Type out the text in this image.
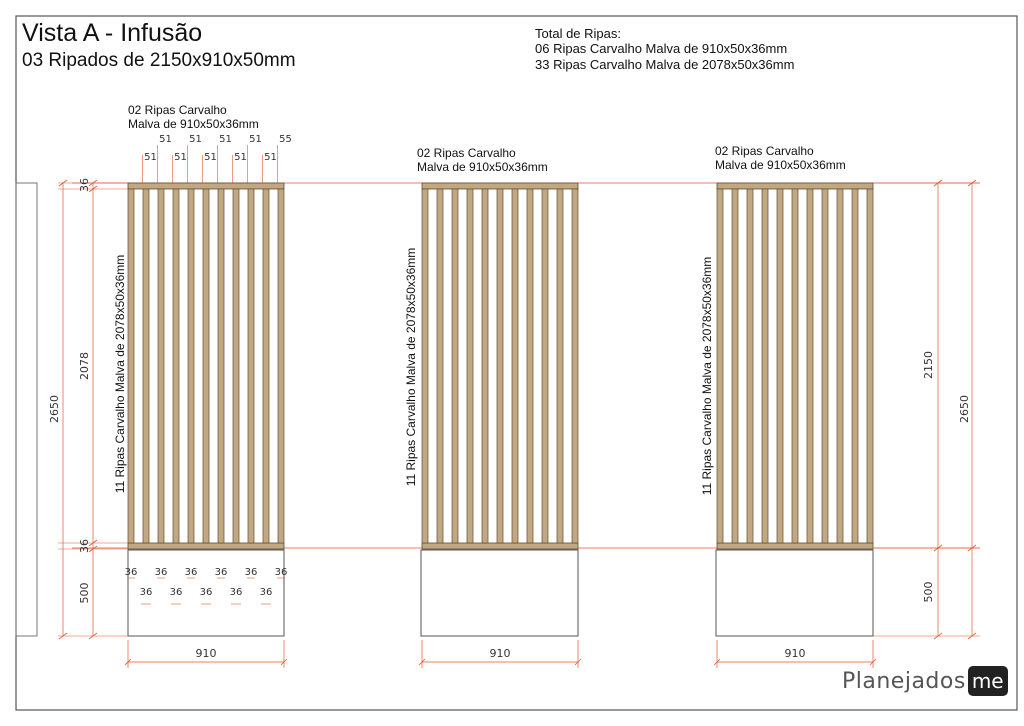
910	910	910
51
51
51
51
51
51
51
51
51
55
36 36 36 36 36 36
36 36 36 36 36
2650
36
2078
36
500
2150
500
2650
Vista A - Infusão
03 Ripados de 2150x910x50mm
Total de Ripas:
06 Ripas Carvalho Malva de 910x50x36mm
33 Ripas Carvalho Malva de 2078x50x36mm
02 Ripas Carvalho
Malva de 910x50x36mm
02 Ripas Carvalho
Malva de 910x50x36mm
02 Ripas Carvalho
Malva de 910x50x36mm
11 Ripas Carvalho Malva de 2078x50x36mm	11 Ripas Carvalho Malva de 2078x50x36mm	11 Ripas Carvalho Malva de 2078x50x36mm
Planejados me
